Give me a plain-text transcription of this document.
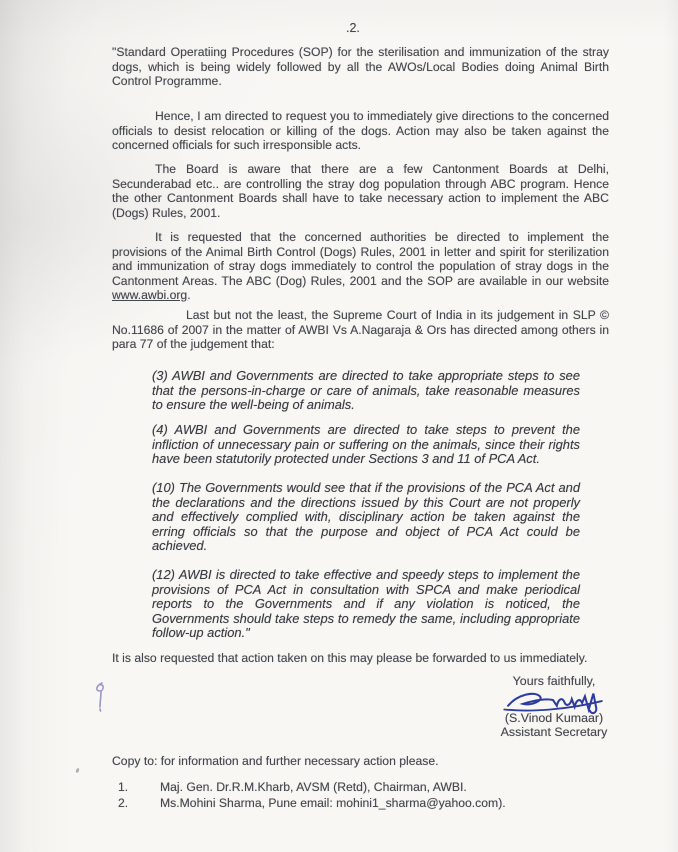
.2.
"Standard Operatiing Procedures (SOP) for the sterilisation and immunization of the stray dogs, which is being widely followed by all the AWOs/Local Bodies doing Animal Birth Control Programme.
Hence, I am directed to request you to immediately give directions to the concerned officials to desist relocation or killing of the dogs. Action may also be taken against the concerned officials for such irresponsible acts.
The Board is aware that there are a few Cantonment Boards at Delhi, Secunderabad etc.. are controlling the stray dog population through ABC program. Hence the other Cantonment Boards shall have to take necessary action to implement the ABC (Dogs) Rules, 2001.
It is requested that the concerned authorities be directed to implement the provisions of the Animal Birth Control (Dogs) Rules, 2001 in letter and spirit for sterilization and immunization of stray dogs immediately to control the population of stray dogs in the Cantonment Areas. The ABC (Dog) Rules, 2001 and the SOP are available in our website www.awbi.org.
Last but not the least, the Supreme Court of India in its judgement in SLP © No.11686 of 2007 in the matter of AWBI Vs A.Nagaraja & Ors has directed among others in para 77 of the judgement that:
(3) AWBI and Governments are directed to take appropriate steps to see that the persons-in-charge or care of animals, take reasonable measures to ensure the well-being of animals.
(4) AWBI and Governments are directed to take steps to prevent the infliction of unnecessary pain or suffering on the animals, since their rights have been statutorily protected under Sections 3 and 11 of PCA Act.
(10) The Governments would see that if the provisions of the PCA Act and the declarations and the directions issued by this Court are not properly and effectively complied with, disciplinary action be taken against the erring officials so that the purpose and object of PCA Act could be achieved.
(12) AWBI is directed to take effective and speedy steps to implement the provisions of PCA Act in consultation with SPCA and make periodical reports to the Governments and if any violation is noticed, the Governments should take steps to remedy the same, including appropriate follow-up action."
It is also requested that action taken on this may please be forwarded to us immediately.
Yours faithfully,
(S.Vinod Kumaar)
Assistant Secretary
Copy to: for information and further necessary action please.
1.	Maj. Gen. Dr.R.M.Kharb, AVSM (Retd), Chairman, AWBI.
2.	Ms.Mohini Sharma, Pune email: mohini1_sharma@yahoo.com).
